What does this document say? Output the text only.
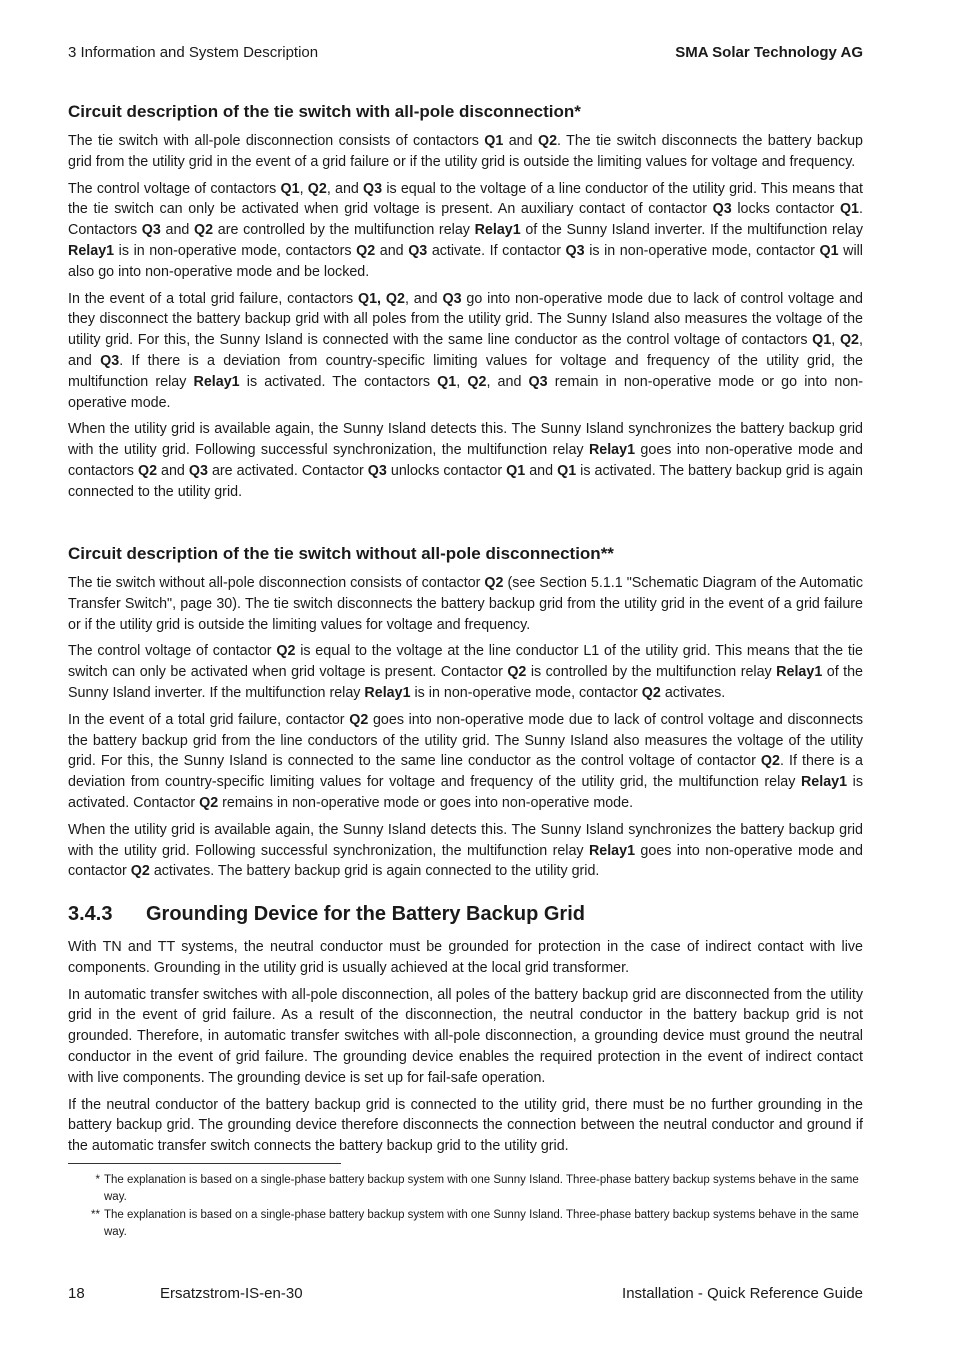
3 Information and System Description	SMA Solar Technology AG
Circuit description of the tie switch with all-pole disconnection*

The tie switch with all-pole disconnection consists of contactors Q1 and Q2. The tie switch disconnects the battery backup grid from the utility grid in the event of a grid failure or if the utility grid is outside the limiting values for voltage and frequency.

The control voltage of contactors Q1, Q2, and Q3 is equal to the voltage of a line conductor of the utility grid. This means that the tie switch can only be activated when grid voltage is present. An auxiliary contact of contactor Q3 locks contactor Q1. Contactors Q3 and Q2 are controlled by the multifunction relay Relay1 of the Sunny Island inverter. If the multifunction relay Relay1 is in non-operative mode, contactors Q2 and Q3 activate. If contactor Q3 is in non-operative mode, contactor Q1 will also go into non-operative mode and be locked.

In the event of a total grid failure, contactors Q1, Q2, and Q3 go into non-operative mode due to lack of control voltage and they disconnect the battery backup grid with all poles from the utility grid. The Sunny Island also measures the voltage of the utility grid. For this, the Sunny Island is connected with the same line conductor as the control voltage of contactors Q1, Q2, and Q3. If there is a deviation from country-specific limiting values for voltage and frequency of the utility grid, the multifunction relay Relay1 is activated. The contactors Q1, Q2, and Q3 remain in non-operative mode or go into non-operative mode.

When the utility grid is available again, the Sunny Island detects this. The Sunny Island synchronizes the battery backup grid with the utility grid. Following successful synchronization, the multifunction relay Relay1 goes into non-operative mode and contactors Q2 and Q3 are activated. Contactor Q3 unlocks contactor Q1 and Q1 is activated. The battery backup grid is again connected to the utility grid.

Circuit description of the tie switch without all-pole disconnection**

The tie switch without all-pole disconnection consists of contactor Q2 (see Section 5.1.1 "Schematic Diagram of the Automatic Transfer Switch", page 30). The tie switch disconnects the battery backup grid from the utility grid in the event of a grid failure or if the utility grid is outside the limiting values for voltage and frequency.

The control voltage of contactor Q2 is equal to the voltage at the line conductor L1 of the utility grid. This means that the tie switch can only be activated when grid voltage is present. Contactor Q2 is controlled by the multifunction relay Relay1 of the Sunny Island inverter. If the multifunction relay Relay1 is in non-operative mode, contactor Q2 activates.

In the event of a total grid failure, contactor Q2 goes into non-operative mode due to lack of control voltage and disconnects the battery backup grid from the line conductors of the utility grid. The Sunny Island also measures the voltage of the utility grid. For this, the Sunny Island is connected to the same line conductor as the control voltage of contactor Q2. If there is a deviation from country-specific limiting values for voltage and frequency of the utility grid, the multifunction relay Relay1 is activated. Contactor Q2 remains in non-operative mode or goes into non-operative mode.

When the utility grid is available again, the Sunny Island detects this. The Sunny Island synchronizes the battery backup grid with the utility grid. Following successful synchronization, the multifunction relay Relay1 goes into non-operative mode and contactor Q2 activates. The battery backup grid is again connected to the utility grid.

3.4.3 Grounding Device for the Battery Backup Grid

With TN and TT systems, the neutral conductor must be grounded for protection in the case of indirect contact with live components. Grounding in the utility grid is usually achieved at the local grid transformer.

In automatic transfer switches with all-pole disconnection, all poles of the battery backup grid are disconnected from the utility grid in the event of grid failure. As a result of the disconnection, the neutral conductor in the battery backup grid is not grounded. Therefore, in automatic transfer switches with all-pole disconnection, a grounding device must ground the neutral conductor in the event of grid failure. The grounding device enables the required protection in the event of indirect contact with live components. The grounding device is set up for fail-safe operation.

If the neutral conductor of the battery backup grid is connected to the utility grid, there must be no further grounding in the battery backup grid. The grounding device therefore disconnects the connection between the neutral conductor and ground if the automatic transfer switch connects the battery backup grid to the utility grid.

* The explanation is based on a single-phase battery backup system with one Sunny Island. Three-phase battery backup systems behave in the same way.
** The explanation is based on a single-phase battery backup system with one Sunny Island. Three-phase battery backup systems behave in the same way.
18	Ersatzstrom-IS-en-30	Installation - Quick Reference Guide
